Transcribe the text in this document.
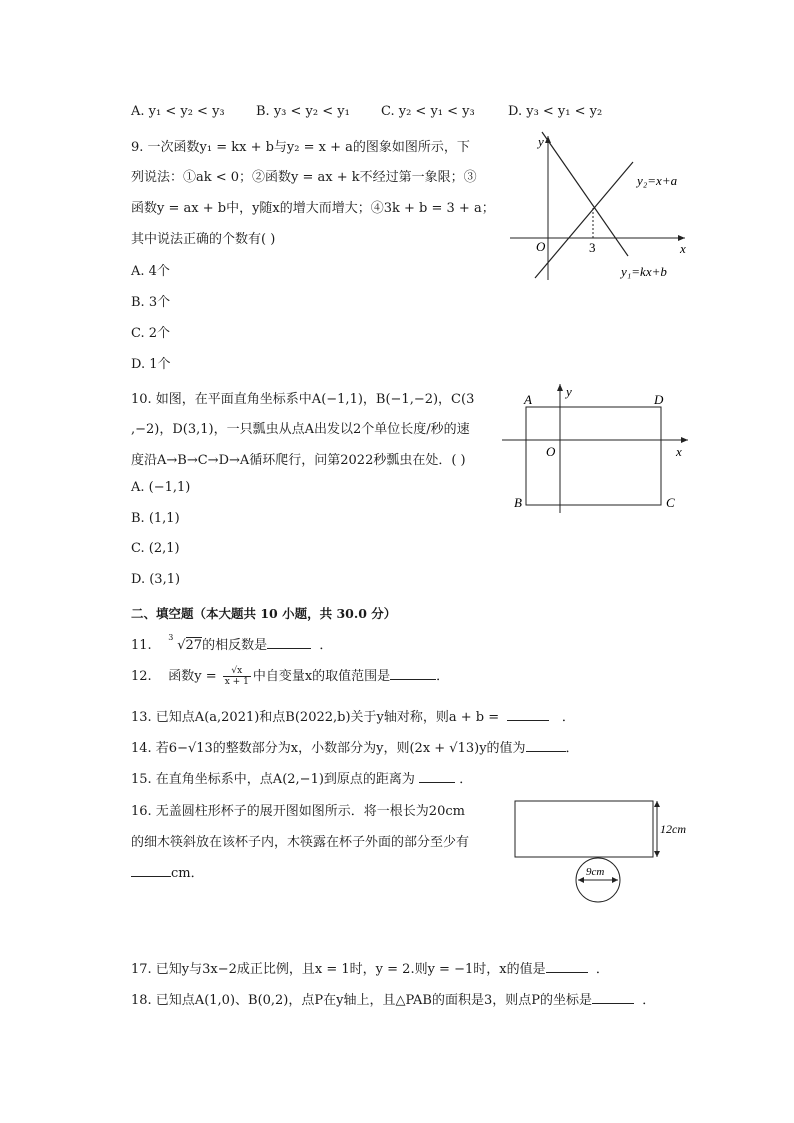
A. y₁ < y₂ < y₃ B. y₃ < y₂ < y₁ C. y₂ < y₁ < y₃	D. y₃ < y₁ < y₂
9. 一次函数y₁ = kx + b与y₂ = x + a的图象如图所示，下
列说法：①ak < 0；②函数y = ax + k不经过第一象限；③
函数y = ax + b中，y随x的增大而增大；④3k + b = 3 + a；
其中说法正确的个数有( )
A. 4个
B. 3个
C. 2个
D. 1个
y
x
O	3
y₂=x+a
y₁=kx+b
10. 如图，在平面直角坐标系中A(−1,1)，B(−1,−2)，C(3
,−2)，D(3,1)，一只瓢虫从点A出发以2个单位长度/秒的速
度沿A→B→C→D→A循环爬行，问第2022秒瓢虫在处．( )
A. (−1,1)
B. (1,1)
C. (2,1)
D. (3,1)
A
B	C
D
O	x
y
二、填空题（本大题共 10 小题，共 30.0 分）
11.
3
√27的相反数是	．
12. 函数$y = \frac{√x}{x + 1}$ 中自变量x的取值范围是	．
13. 已知点A(a,2021)和点B(2022,b)关于y轴对称，则a + b =	．
14. 若6−√13的整数部分为x，小数部分为y，则(2x + √13)y的值为	．
15. 在直角坐标系中，点A(2,−1)到原点的距离为	．
16. 无盖圆柱形杯子的展开图如图所示．将一根长为20cm
的细木筷斜放在该杯子内，木筷露在杯子外面的部分至少有
cm．
12cm
9cm
17. 已知y与3x−2成正比例，且x = 1时，y = 2.则y = −1时，x的值是	．
18. 已知点A(1,0)、B(0,2)，点P在y轴上，且△PAB的面积是3，则点P的坐标是	．
